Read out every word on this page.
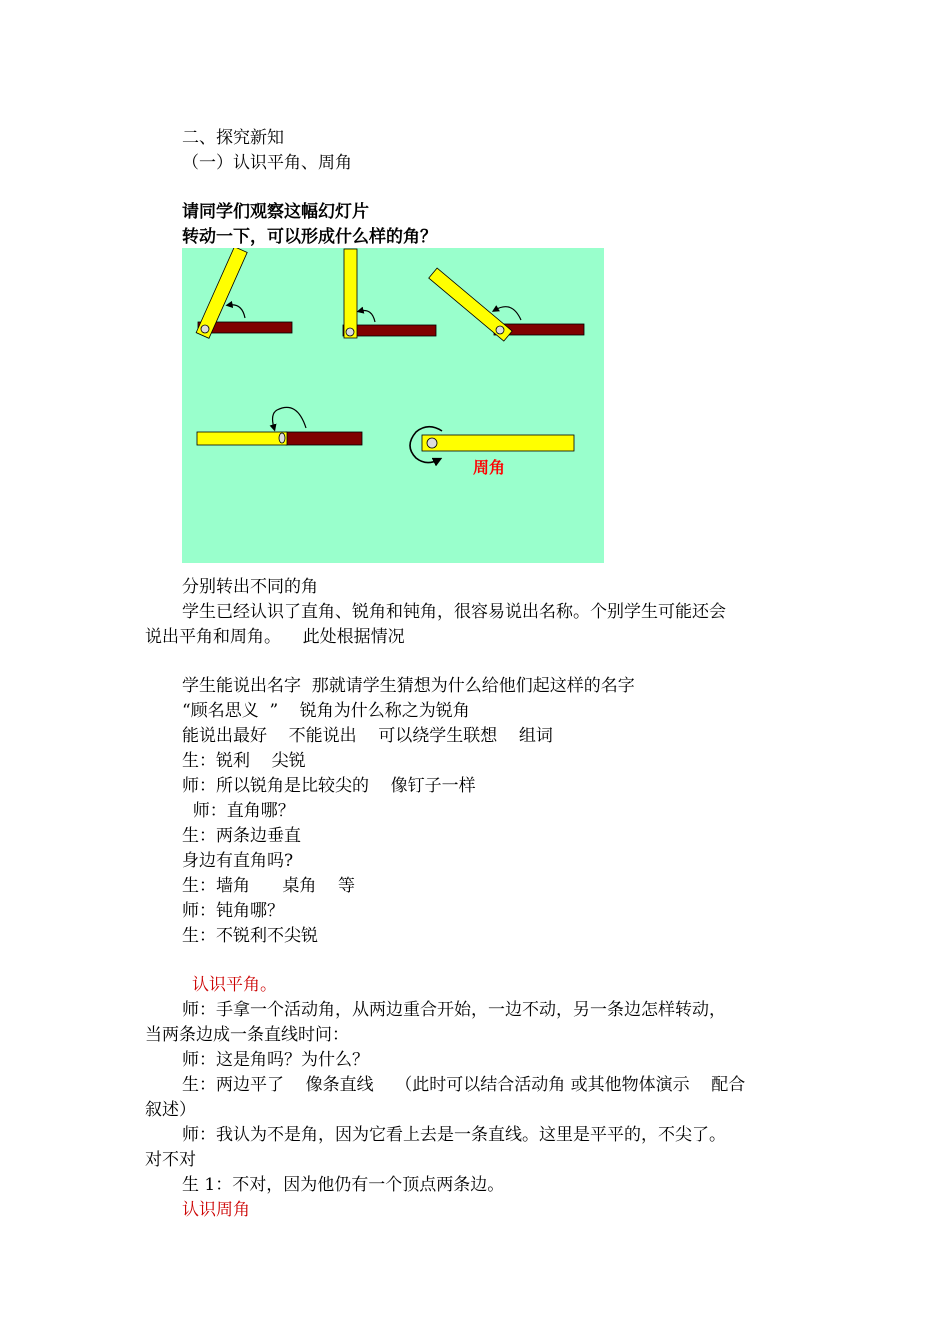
二、探究新知
（一）认识平角、周角
请同学们观察这幅幻灯片
转动一下，可以形成什么样的角？
周角
分别转出不同的角
学生已经认识了直角、锐角和钝角，很容易说出名称。个别学生可能还会
说出平角和周角。    此处根据情况
学生能说出名字  那就请学生猜想为什么给他们起这样的名字
“顾名思义  ”    锐角为什么称之为锐角
能说出最好    不能说出    可以绕学生联想    组词
生：锐利    尖锐
师：所以锐角是比较尖的    像钉子一样
师：直角哪？
生：两条边垂直
身边有直角吗?
生：墙角      桌角    等
师：钝角哪？
生：不锐利不尖锐
认识平角。
师：手拿一个活动角，从两边重合开始，一边不动，另一条边怎样转动，
当两条边成一条直线时问：
师：这是角吗？为什么？
生：两边平了    像条直线    （此时可以结合活动角 或其他物体演示    配合
叙述）
师：我认为不是角，因为它看上去是一条直线。这里是平平的，不尖了。
对不对
生 1：不对，因为他仍有一个顶点两条边。
认识周角
